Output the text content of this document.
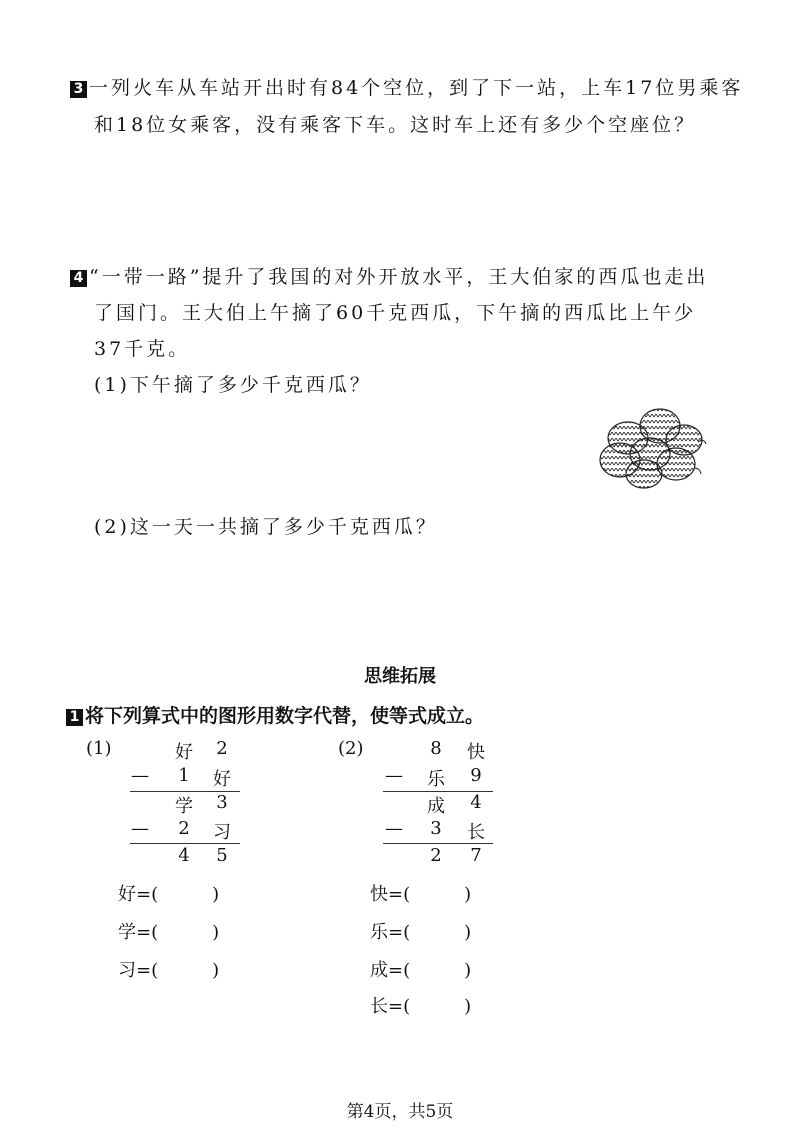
3 一列火车从车站开出时有84个空位，到了下一站，上车17位男乘客
和18位女乘客，没有乘客下车。这时车上还有多少个空座位？
4 “一带一路”提升了我国的对外开放水平，王大伯家的西瓜也走出
了国门。王大伯上午摘了60千克西瓜，下午摘的西瓜比上午少
37千克。
(1)下午摘了多少千克西瓜？
(2)这一天一共摘了多少千克西瓜？
思维拓展
1 将下列算式中的图形用数字代替，使等式成立。
(1)	好	2
—	1	好
学	3
—	2	习
4	5
好=(　　　)
学=(　　　)
习=(　　　)
(2)	8	快
— 乐	9
成	4
—	3	长
2	7
快=(　　　)
乐=(　　　)
成=(　　　)
长=(　　　)
第4页，共5页
